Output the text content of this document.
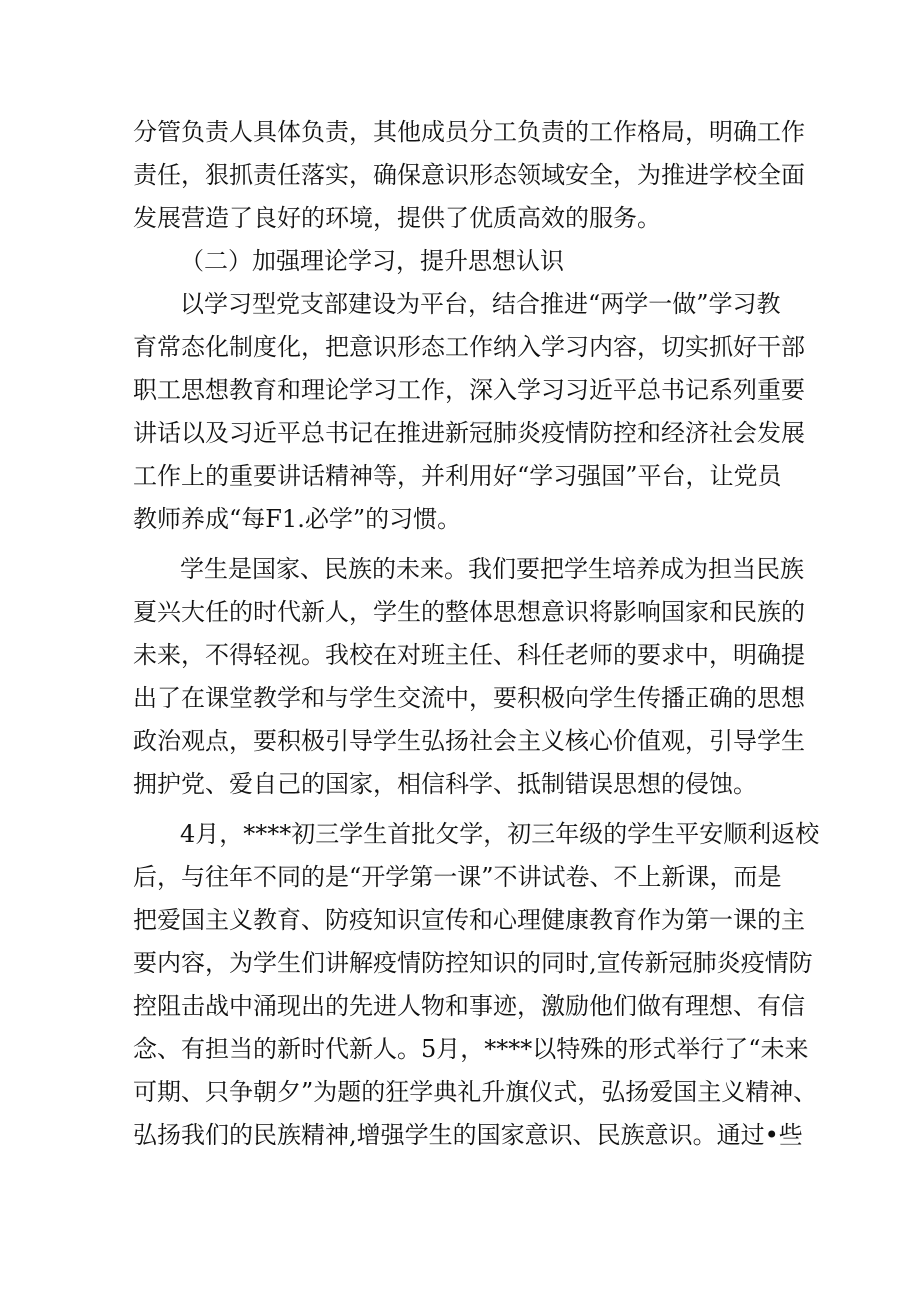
分管负责人具体负责，其他成员分工负责的工作格局，明确工作
责任，狠抓责任落实，确保意识形态领域安全，为推进学校全面
发展营造了良好的环境，提供了优质高效的服务。
（二）加强理论学习，提升思想认识
以学习型党支部建设为平台，结合推进“两学一做”学习教
育常态化制度化，把意识形态工作纳入学习内容，切实抓好干部
职工思想教育和理论学习工作，深入学习习近平总书记系列重要
讲话以及习近平总书记在推进新冠肺炎疫情防控和经济社会发展
工作上的重要讲话精神等，并利用好“学习强国”平台，让党员
教师养成“每F1.必学”的习惯。
学生是国家、民族的未来。我们要把学生培养成为担当民族
夏兴大任的时代新人，学生的整体思想意识将影响国家和民族的
未来，不得轻视。我校在对班主任、科任老师的要求中，明确提
出了在课堂教学和与学生交流中，要积极向学生传播正确的思想
政治观点，要积极引导学生弘扬社会主义核心价值观，引导学生
拥护党、爱自己的国家，相信科学、抵制错误思想的侵蚀。
4月，****初三学生首批攵学，初三年级的学生平安顺利返校
后，与往年不同的是“开学第一课”不讲试卷、不上新课，而是
把爱国主义教育、防疫知识宣传和心理健康教育作为第一课的主
要内容，为学生们讲解疫情防控知识的同时,宣传新冠肺炎疫情防
控阻击战中涌现出的先进人物和事迹，激励他们做有理想、有信
念、有担当的新时代新人。5月，****以特殊的形式举行了“未来
可期、只争朝夕”为题的狂学典礼升旗仪式，弘扬爱国主义精神、
弘扬我们的民族精神,增强学生的国家意识、民族意识。通过•些
